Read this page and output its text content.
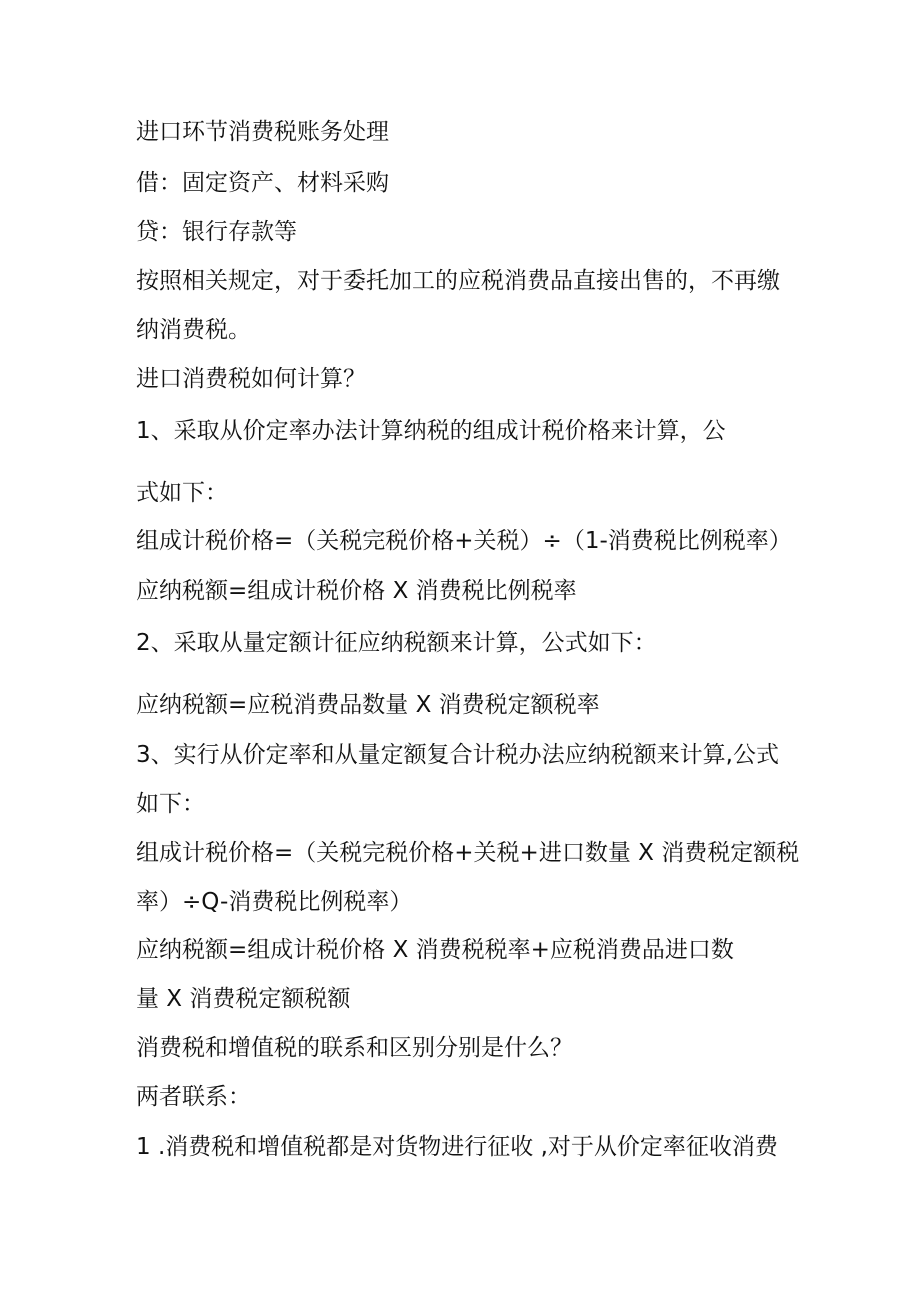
进口环节消费税账务处理

借：固定资产、材料采购

贷：银行存款等

按照相关规定，对于委托加工的应税消费品直接出售的，不再缴

纳消费税。

进口消费税如何计算？

1、采取从价定率办法计算纳税的组成计税价格来计算，公

式如下：

组成计税价格=（关税完税价格+关税）÷（1-消费税比例税率）

应纳税额=组成计税价格 X 消费税比例税率

2、采取从量定额计征应纳税额来计算，公式如下：

应纳税额=应税消费品数量 X 消费税定额税率

3、实行从价定率和从量定额复合计税办法应纳税额来计算,公式

如下：

组成计税价格=（关税完税价格+关税+进口数量 X 消费税定额税

率）÷Q-消费税比例税率）

应纳税额=组成计税价格 X 消费税税率+应税消费品进口数

量 X 消费税定额税额

消费税和增值税的联系和区别分别是什么？

两者联系：

1 .消费税和增值税都是对货物进行征收 ,对于从价定率征收消费
